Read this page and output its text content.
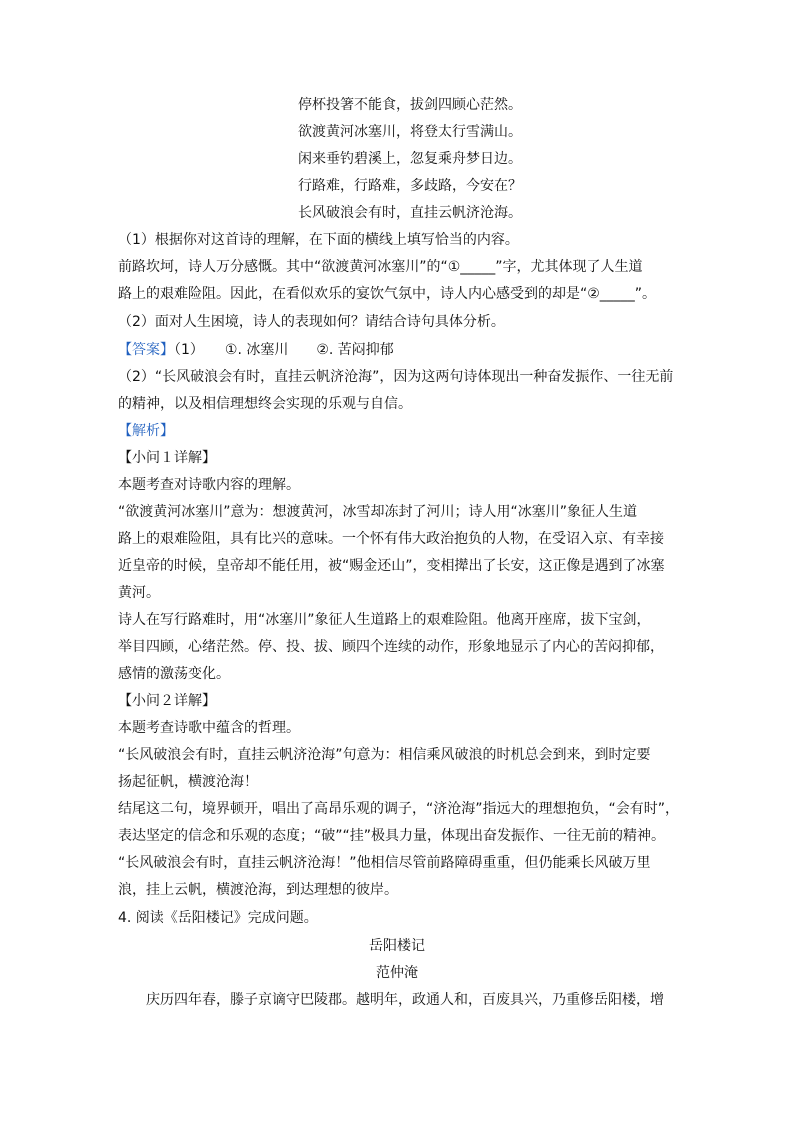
停杯投箸不能食，拔剑四顾心茫然。
欲渡黄河冰塞川，将登太行雪满山。
闲来垂钓碧溪上，忽复乘舟梦日边。
行路难，行路难，多歧路，今安在？
长风破浪会有时，直挂云帆济沧海。
（1）根据你对这首诗的理解，在下面的横线上填写恰当的内容。
前路坎坷，诗人万分感慨。其中“欲渡黄河冰塞川”的“①_____”字，尤其体现了人生道
路上的艰难险阻。因此，在看似欢乐的宴饮气氛中，诗人内心感受到的却是“②_____”。
（2）面对人生困境，诗人的表现如何？请结合诗句具体分析。
【答案】（1）　　①. 冰塞川　　②. 苦闷抑郁
（2）“长风破浪会有时，直挂云帆济沧海”，因为这两句诗体现出一种奋发振作、一往无前
的精神，以及相信理想终会实现的乐观与自信。
【解析】
【小问１详解】
本题考查对诗歌内容的理解。
“欲渡黄河冰塞川”意为：想渡黄河，冰雪却冻封了河川；诗人用“冰塞川”象征人生道
路上的艰难险阻，具有比兴的意味。一个怀有伟大政治抱负的人物，在受诏入京、有幸接
近皇帝的时候，皇帝却不能任用，被“赐金还山”，变相撵出了长安，这正像是遇到了冰塞
黄河。
诗人在写行路难时，用“冰塞川”象征人生道路上的艰难险阻。他离开座席，拔下宝剑，
举目四顾，心绪茫然。停、投、拔、顾四个连续的动作，形象地显示了内心的苦闷抑郁，
感情的激荡变化。
【小问２详解】
本题考查诗歌中蕴含的哲理。
“长风破浪会有时，直挂云帆济沧海”句意为：相信乘风破浪的时机总会到来，到时定要
扬起征帆，横渡沧海！
结尾这二句，境界顿开，唱出了高昂乐观的调子，“济沧海”指远大的理想抱负，“会有时”，
表达坚定的信念和乐观的态度；“破”“挂”极具力量，体现出奋发振作、一往无前的精神。
“长风破浪会有时，直挂云帆济沧海！”他相信尽管前路障碍重重，但仍能乘长风破万里
浪，挂上云帆，横渡沧海，到达理想的彼岸。
4. 阅读《岳阳楼记》完成问题。
岳阳楼记
范仲淹
庆历四年春，滕子京谪守巴陵郡。越明年，政通人和，百废具兴，乃重修岳阳楼，增
